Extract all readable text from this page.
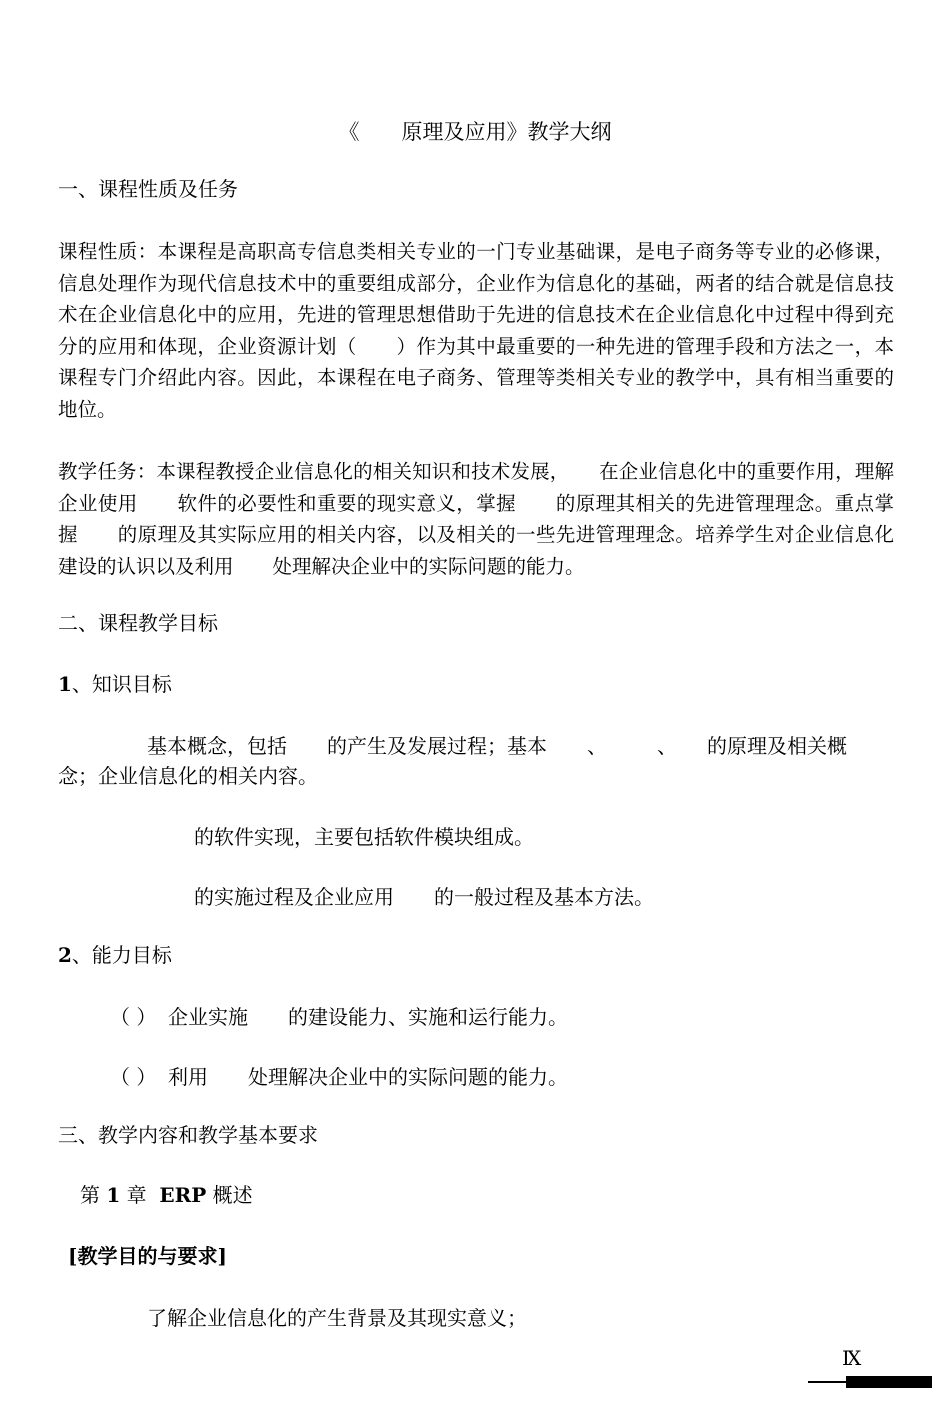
《　　原理及应用》教学大纲
一、课程性质及任务
课程性质：本课程是高职高专信息类相关专业的一门专业基础课，是电子商务等专业的必修课，信息处理作为现代信息技术中的重要组成部分，企业作为信息化的基础，两者的结合就是信息技术在企业信息化中的应用，先进的管理思想借助于先进的信息技术在企业信息化中过程中得到充分的应用和体现，企业资源计划（　　）作为其中最重要的一种先进的管理手段和方法之一，本课程专门介绍此内容。因此，本课程在电子商务、管理等类相关专业的教学中，具有相当重要的地位。
教学任务：本课程教授企业信息化的相关知识和技术发展，　　在企业信息化中的重要作用，理解企业使用　　软件的必要性和重要的现实意义，掌握　　的原理其相关的先进管理理念。重点掌握　　的原理及其实际应用的相关内容，以及相关的一些先进管理理念。培养学生对企业信息化建设的认识以及利用　　处理解决企业中的实际问题的能力。
二、课程教学目标
1、知识目标
基本概念，包括　　的产生及发展过程；基本　　、　　　、　　的原理及相关概
念；企业信息化的相关内容。
的软件实现，主要包括软件模块组成。
的实施过程及企业应用　　的一般过程及基本方法。
2、能力目标
（ ） 企业实施　　的建设能力、实施和运行能力。
（ ） 利用　　处理解决企业中的实际问题的能力。
三、教学内容和教学基本要求
第 1 章  ERP 概述
[教学目的与要求]
了解企业信息化的产生背景及其现实意义；
Ⅸ
